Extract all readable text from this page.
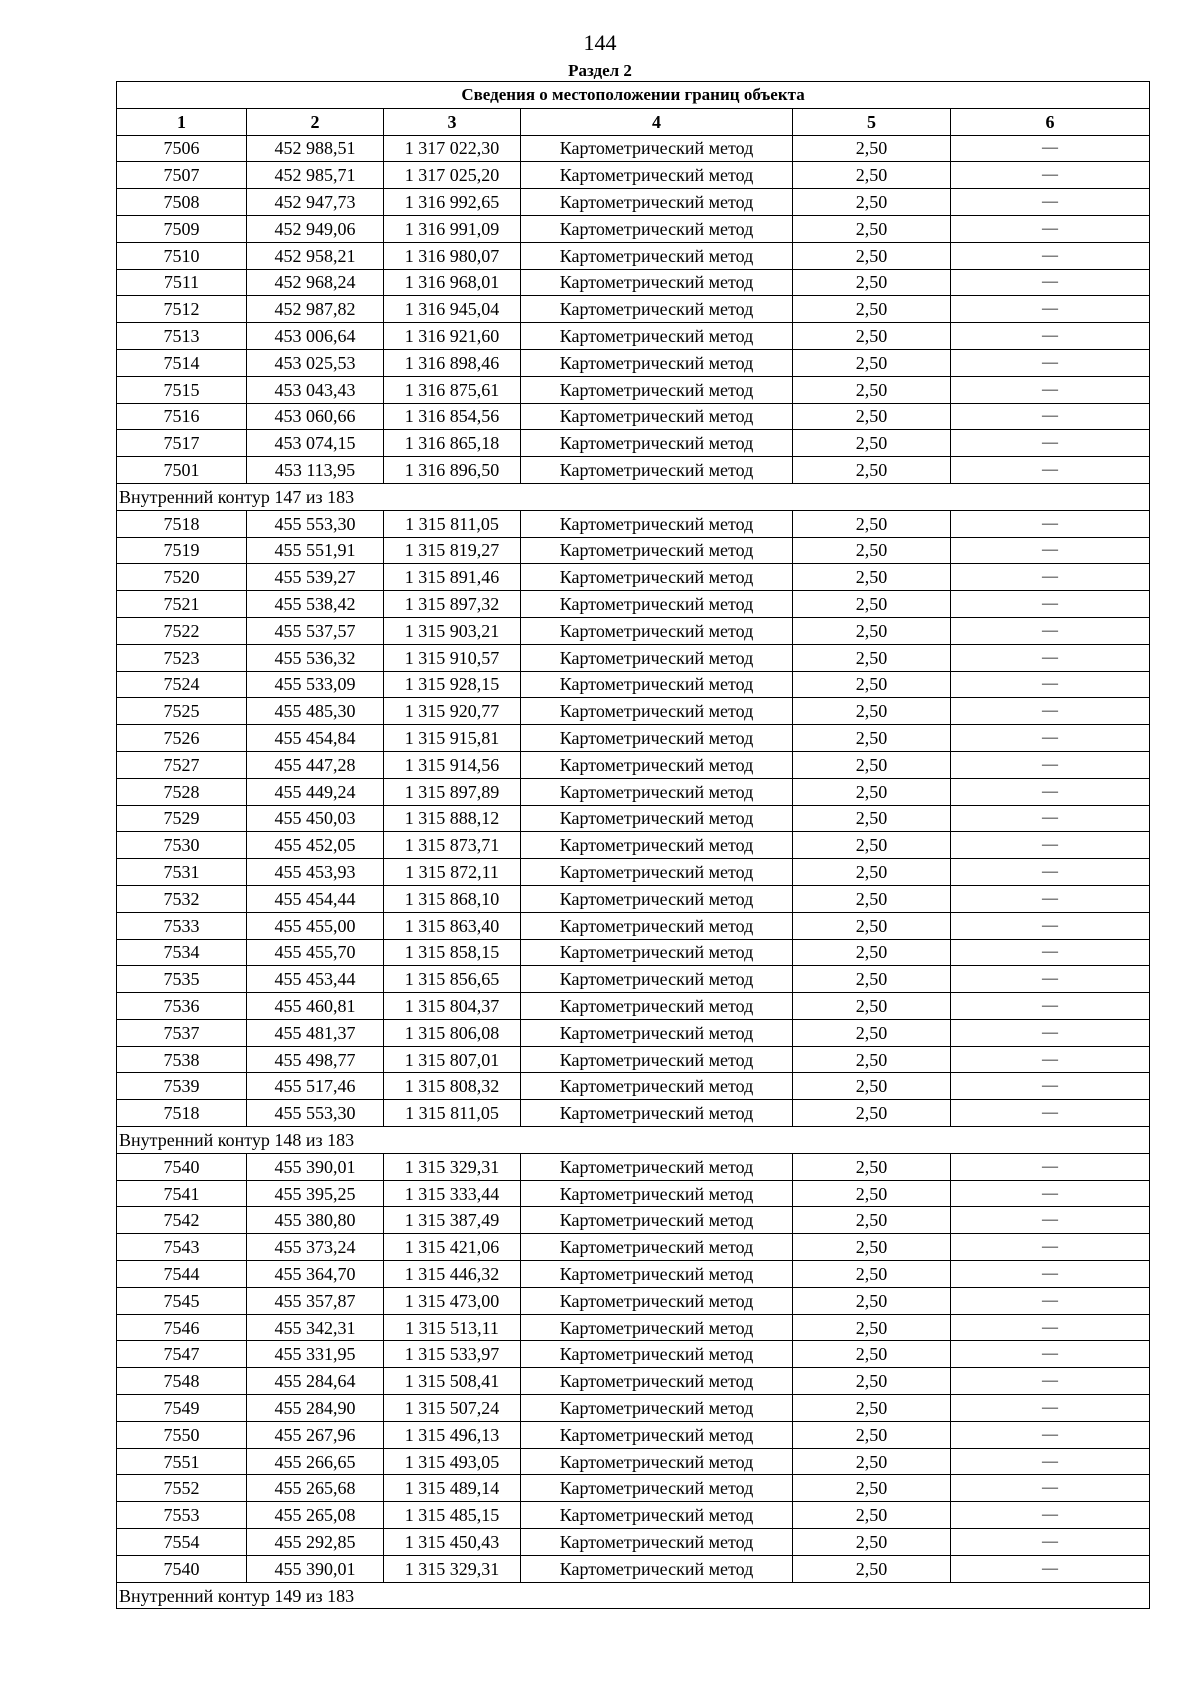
144
Раздел 2
Сведения о местоположении границ объекта					
1	2	3	4	5	6
7506	452 988,51	1 317 022,30	Картометрический метод	2,50	—
7507	452 985,71	1 317 025,20	Картометрический метод	2,50	—
7508	452 947,73	1 316 992,65	Картометрический метод	2,50	—
7509	452 949,06	1 316 991,09	Картометрический метод	2,50	—
7510	452 958,21	1 316 980,07	Картометрический метод	2,50	—
7511	452 968,24	1 316 968,01	Картометрический метод	2,50	—
7512	452 987,82	1 316 945,04	Картометрический метод	2,50	—
7513	453 006,64	1 316 921,60	Картометрический метод	2,50	—
7514	453 025,53	1 316 898,46	Картометрический метод	2,50	—
7515	453 043,43	1 316 875,61	Картометрический метод	2,50	—
7516	453 060,66	1 316 854,56	Картометрический метод	2,50	—
7517	453 074,15	1 316 865,18	Картометрический метод	2,50	—
7501	453 113,95	1 316 896,50	Картометрический метод	2,50	—
Внутренний контур 147 из 183					
7518	455 553,30	1 315 811,05	Картометрический метод	2,50	—
7519	455 551,91	1 315 819,27	Картометрический метод	2,50	—
7520	455 539,27	1 315 891,46	Картометрический метод	2,50	—
7521	455 538,42	1 315 897,32	Картометрический метод	2,50	—
7522	455 537,57	1 315 903,21	Картометрический метод	2,50	—
7523	455 536,32	1 315 910,57	Картометрический метод	2,50	—
7524	455 533,09	1 315 928,15	Картометрический метод	2,50	—
7525	455 485,30	1 315 920,77	Картометрический метод	2,50	—
7526	455 454,84	1 315 915,81	Картометрический метод	2,50	—
7527	455 447,28	1 315 914,56	Картометрический метод	2,50	—
7528	455 449,24	1 315 897,89	Картометрический метод	2,50	—
7529	455 450,03	1 315 888,12	Картометрический метод	2,50	—
7530	455 452,05	1 315 873,71	Картометрический метод	2,50	—
7531	455 453,93	1 315 872,11	Картометрический метод	2,50	—
7532	455 454,44	1 315 868,10	Картометрический метод	2,50	—
7533	455 455,00	1 315 863,40	Картометрический метод	2,50	—
7534	455 455,70	1 315 858,15	Картометрический метод	2,50	—
7535	455 453,44	1 315 856,65	Картометрический метод	2,50	—
7536	455 460,81	1 315 804,37	Картометрический метод	2,50	—
7537	455 481,37	1 315 806,08	Картометрический метод	2,50	—
7538	455 498,77	1 315 807,01	Картометрический метод	2,50	—
7539	455 517,46	1 315 808,32	Картометрический метод	2,50	—
7518	455 553,30	1 315 811,05	Картометрический метод	2,50	—
Внутренний контур 148 из 183					
7540	455 390,01	1 315 329,31	Картометрический метод	2,50	—
7541	455 395,25	1 315 333,44	Картометрический метод	2,50	—
7542	455 380,80	1 315 387,49	Картометрический метод	2,50	—
7543	455 373,24	1 315 421,06	Картометрический метод	2,50	—
7544	455 364,70	1 315 446,32	Картометрический метод	2,50	—
7545	455 357,87	1 315 473,00	Картометрический метод	2,50	—
7546	455 342,31	1 315 513,11	Картометрический метод	2,50	—
7547	455 331,95	1 315 533,97	Картометрический метод	2,50	—
7548	455 284,64	1 315 508,41	Картометрический метод	2,50	—
7549	455 284,90	1 315 507,24	Картометрический метод	2,50	—
7550	455 267,96	1 315 496,13	Картометрический метод	2,50	—
7551	455 266,65	1 315 493,05	Картометрический метод	2,50	—
7552	455 265,68	1 315 489,14	Картометрический метод	2,50	—
7553	455 265,08	1 315 485,15	Картометрический метод	2,50	—
7554	455 292,85	1 315 450,43	Картометрический метод	2,50	—
7540	455 390,01	1 315 329,31	Картометрический метод	2,50	—
Внутренний контур 149 из 183					
